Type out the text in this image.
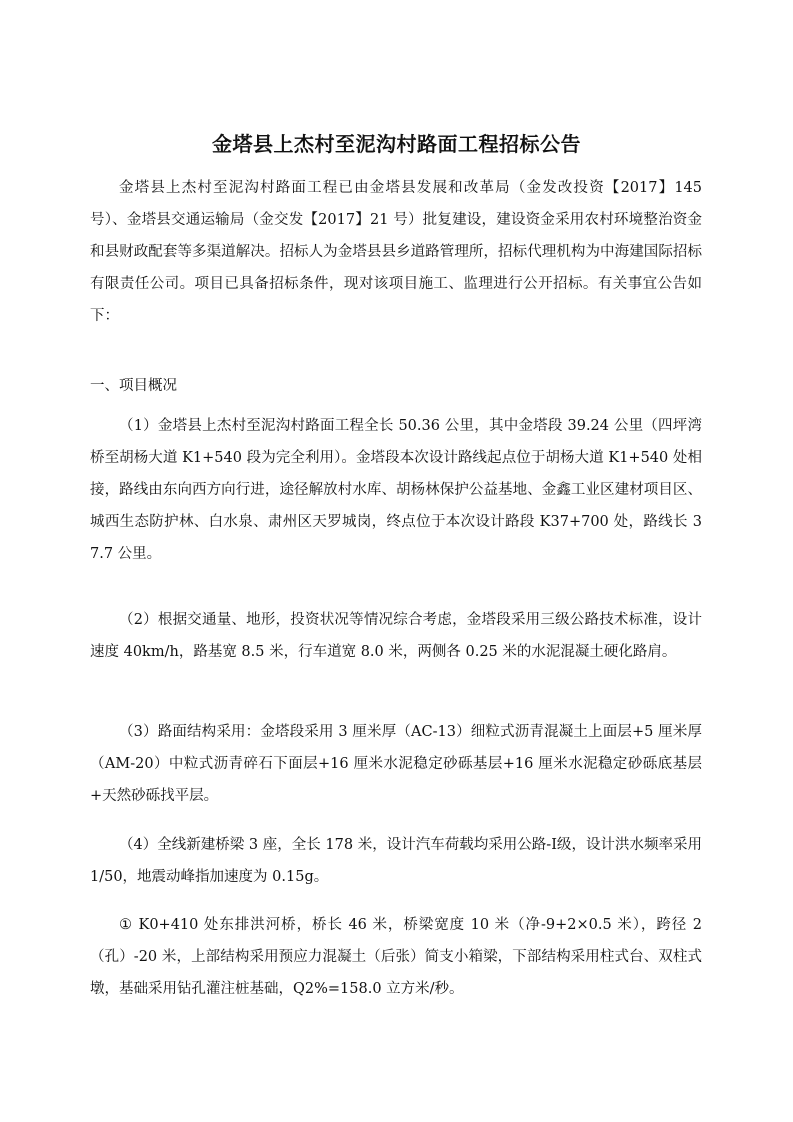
金塔县上杰村至泥沟村路面工程招标公告

金塔县上杰村至泥沟村路面工程已由金塔县发展和改革局（金发改投资【2017】145 号）、金塔县交通运输局（金交发【2017】21 号）批复建设，建设资金采用农村环境整治资金和县财政配套等多渠道解决。招标人为金塔县县乡道路管理所，招标代理机构为中海建国际招标有限责任公司。项目已具备招标条件，现对该项目施工、监理进行公开招标。有关事宜公告如下：

一、项目概况

（1）金塔县上杰村至泥沟村路面工程全长 50.36 公里，其中金塔段 39.24 公里（四坪湾桥至胡杨大道 K1+540 段为完全利用）。金塔段本次设计路线起点位于胡杨大道 K1+540 处相接，路线由东向西方向行进，途径解放村水库、胡杨林保护公益基地、金鑫工业区建材项目区、城西生态防护林、白水泉、肃州区天罗城岗，终点位于本次设计路段 K37+700 处，路线长 37.7 公里。

（2）根据交通量、地形，投资状况等情况综合考虑，金塔段采用三级公路技术标准，设计速度 40km/h，路基宽 8.5 米，行车道宽 8.0 米，两侧各 0.25 米的水泥混凝土硬化路肩。

（3）路面结构采用：金塔段采用 3 厘米厚（AC-13）细粒式沥青混凝土上面层+5 厘米厚（AM-20）中粒式沥青碎石下面层+16 厘米水泥稳定砂砾基层+16 厘米水泥稳定砂砾底基层+天然砂砾找平层。

（4）全线新建桥梁 3 座，全长 178 米，设计汽车荷载均采用公路-Ⅰ级，设计洪水频率采用 1/50，地震动峰指加速度为 0.15g。

① K0+410 处东排洪河桥，桥长 46 米，桥梁宽度 10 米（净-9+2×0.5 米），跨径 2（孔）-20 米，上部结构采用预应力混凝土（后张）简支小箱梁，下部结构采用柱式台、双柱式墩，基础采用钻孔灌注桩基础，Q2%=158.0 立方米/秒。
